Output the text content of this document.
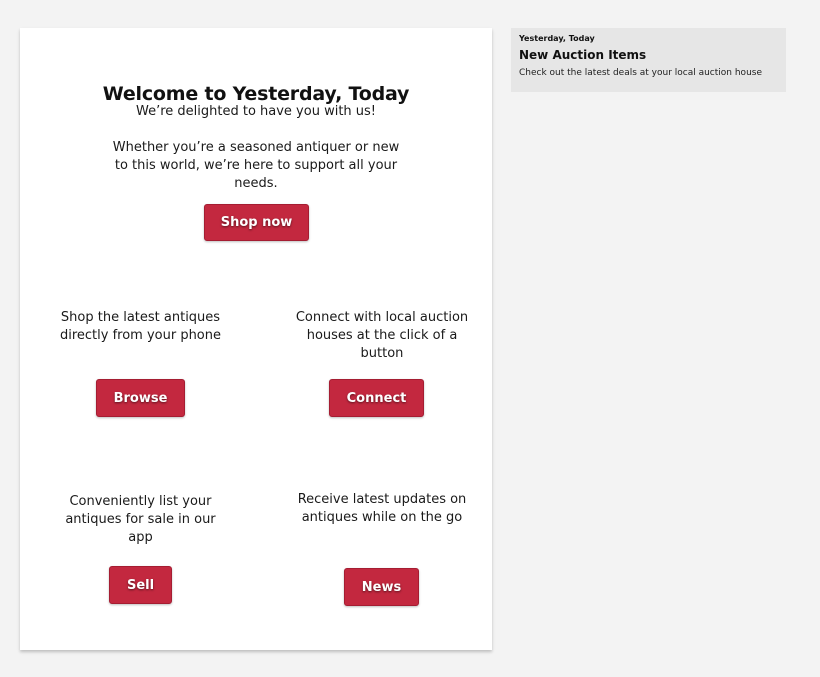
Welcome to Yesterday, Today
We’re delighted to have you with us!
Whether you’re a seasoned antiquer or new to this world, we’re here to support all your needs.
Shop now
Shop the latest antiques directly from your phone
Browse
Connect with local auction houses at the click of a button
Connect
Conveniently list your antiques for sale in our app
Sell
Receive latest updates on antiques while on the go
News
Yesterday, Today
New Auction Items
Check out the latest deals at your local auction house
